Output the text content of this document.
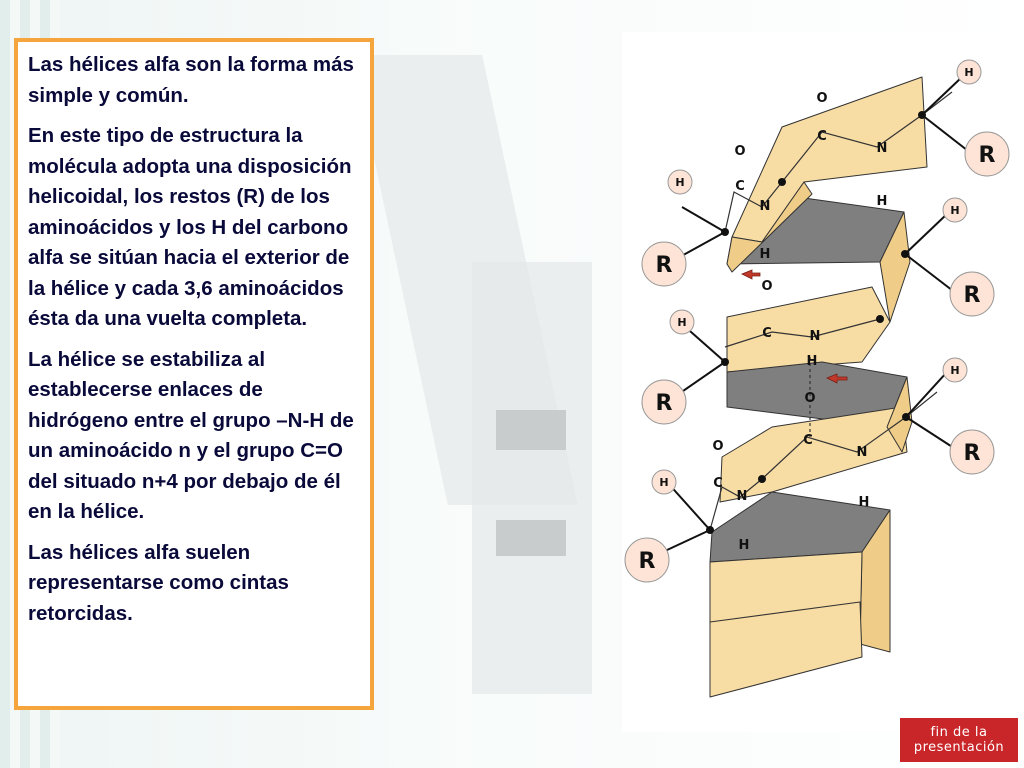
Las hélices alfa son la forma más simple y común.

En este tipo de estructura la molécula adopta una disposición helicoidal, los restos (R) de los aminoácidos y los H del carbono alfa se sitúan hacia el exterior de la hélice y cada 3,6 aminoácidos ésta da una vuelta completa.

La hélice se estabiliza al establecerse enlaces de hidrógeno entre el grupo –N-H de un aminoácido n y el grupo C=O del situado n+4 por debajo de él en la hélice.

Las hélices alfa suelen representarse como cintas retorcidas.

R
R
R
R
R
R
H
H
H
H
H
H
O
C
N
H
O
C
N
H
O
C	N
H
O
C
N
H
O
C
N
H
fin de la
presentación
